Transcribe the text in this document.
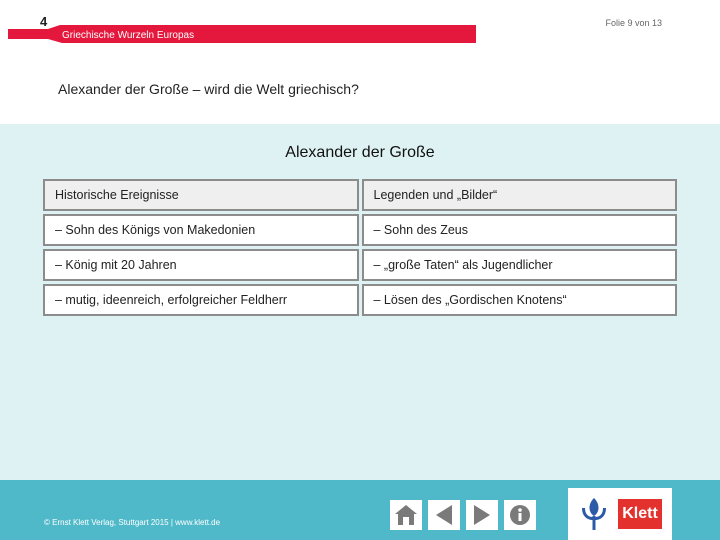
4	Folie 9 von 13
Griechische Wurzeln Europas
Alexander der Große – wird die Welt griechisch?
Alexander der Große
Historische Ereignisse	Legenden und „Bilder“
– Sohn des Königs von Makedonien	– Sohn des Zeus
– König mit 20 Jahren	– „große Taten“ als Jugendlicher
– mutig, ideenreich, erfolgreicher Feldherr	– Lösen des „Gordischen Knotens“
© Ernst Klett Verlag, Stuttgart 2015 | www.klett.de
Klett
